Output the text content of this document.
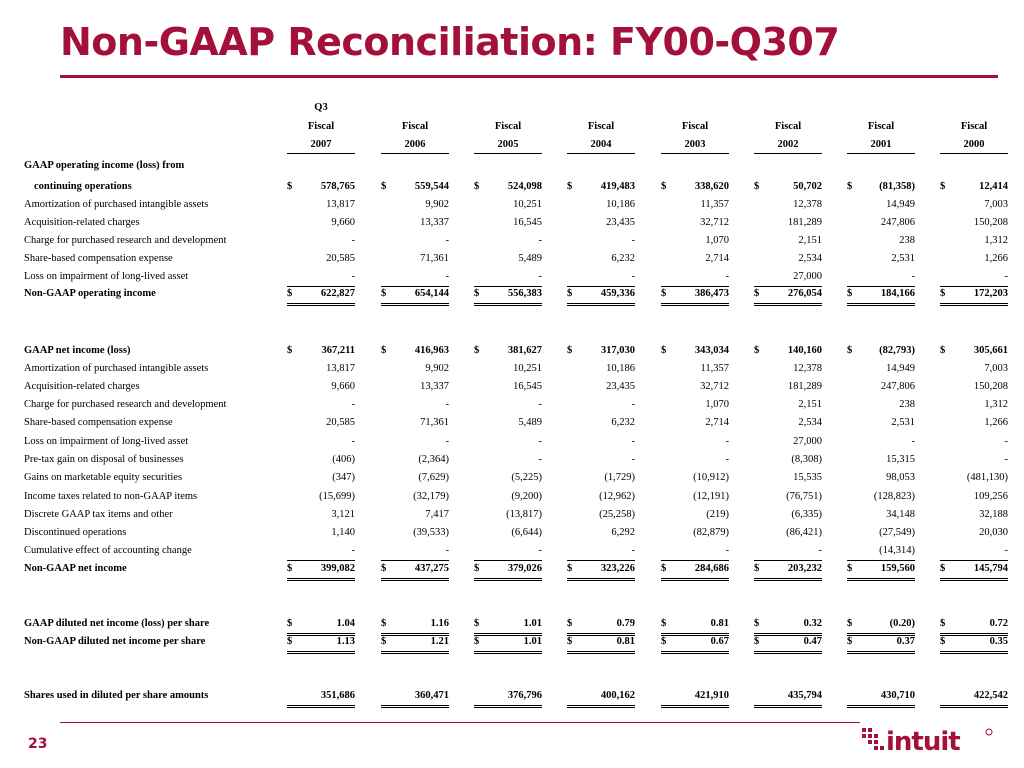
Non-GAAP Reconciliation: FY00-Q307
Q3
Fiscal
2007
Fiscal
2006
Fiscal
2005
Fiscal
2004
Fiscal
2003
Fiscal
2002
Fiscal
2001
Fiscal
2000
GAAP operating income (loss) from
continuing operations	$	578,765 $	559,544 $	524,098 $	419,483 $	338,620 $	50,702 $	(81,358) $	12,414
Amortization of purchased intangible assets	13,817	9,902	10,251	10,186	11,357	12,378	14,949	7,003
Acquisition-related charges	9,660	13,337	16,545	23,435	32,712	181,289	247,806	150,208
Charge for purchased research and development	-	-	-	-	1,070	2,151	238	1,312
Share-based compensation expense	20,585	71,361	5,489	6,232	2,714	2,534	2,531	1,266
Loss on impairment of long-lived asset	-	-	-	-	-	27,000	-	-
Non-GAAP operating income	$	622,827 $	654,144 $	556,383 $	459,336 $	386,473 $	276,054 $	184,166 $	172,203
GAAP net income (loss)	$	367,211 $	416,963 $	381,627 $	317,030 $	343,034 $	140,160 $	(82,793) $	305,661
Amortization of purchased intangible assets	13,817	9,902	10,251	10,186	11,357	12,378	14,949	7,003
Acquisition-related charges	9,660	13,337	16,545	23,435	32,712	181,289	247,806	150,208
Charge for purchased research and development	-	-	-	-	1,070	2,151	238	1,312
Share-based compensation expense	20,585	71,361	5,489	6,232	2,714	2,534	2,531	1,266
Loss on impairment of long-lived asset	-	-	-	-	-	27,000	-	-
Pre-tax gain on disposal of businesses	(406)	(2,364)	-	-	-	(8,308)	15,315	-
Gains on marketable equity securities	(347)	(7,629)	(5,225)	(1,729)	(10,912)	15,535	98,053	(481,130)
Income taxes related to non-GAAP items	(15,699)	(32,179)	(9,200)	(12,962)	(12,191)	(76,751)	(128,823)	109,256
Discrete GAAP tax items and other	3,121	7,417	(13,817)	(25,258)	(219)	(6,335)	34,148	32,188
Discontinued operations	1,140	(39,533)	(6,644)	6,292	(82,879)	(86,421)	(27,549)	20,030
Cumulative effect of accounting change	-	-	-	-	-	-	(14,314)	-
Non-GAAP net income	$	399,082 $	437,275 $	379,026 $	323,226 $	284,686 $	203,232 $	159,560 $	145,794
GAAP diluted net income (loss) per share	$	1.04 $	1.16 $	1.01 $	0.79 $	0.81 $	0.32 $	(0.20) $	0.72
Non-GAAP diluted net income per share	$	1.13 $	1.21 $	1.01 $	0.81 $	0.67 $	0.47 $	0.37 $	0.35
Shares used in diluted per share amounts	351,686	360,471	376,796	400,162	421,910	435,794	430,710	422,542
23	intuit
